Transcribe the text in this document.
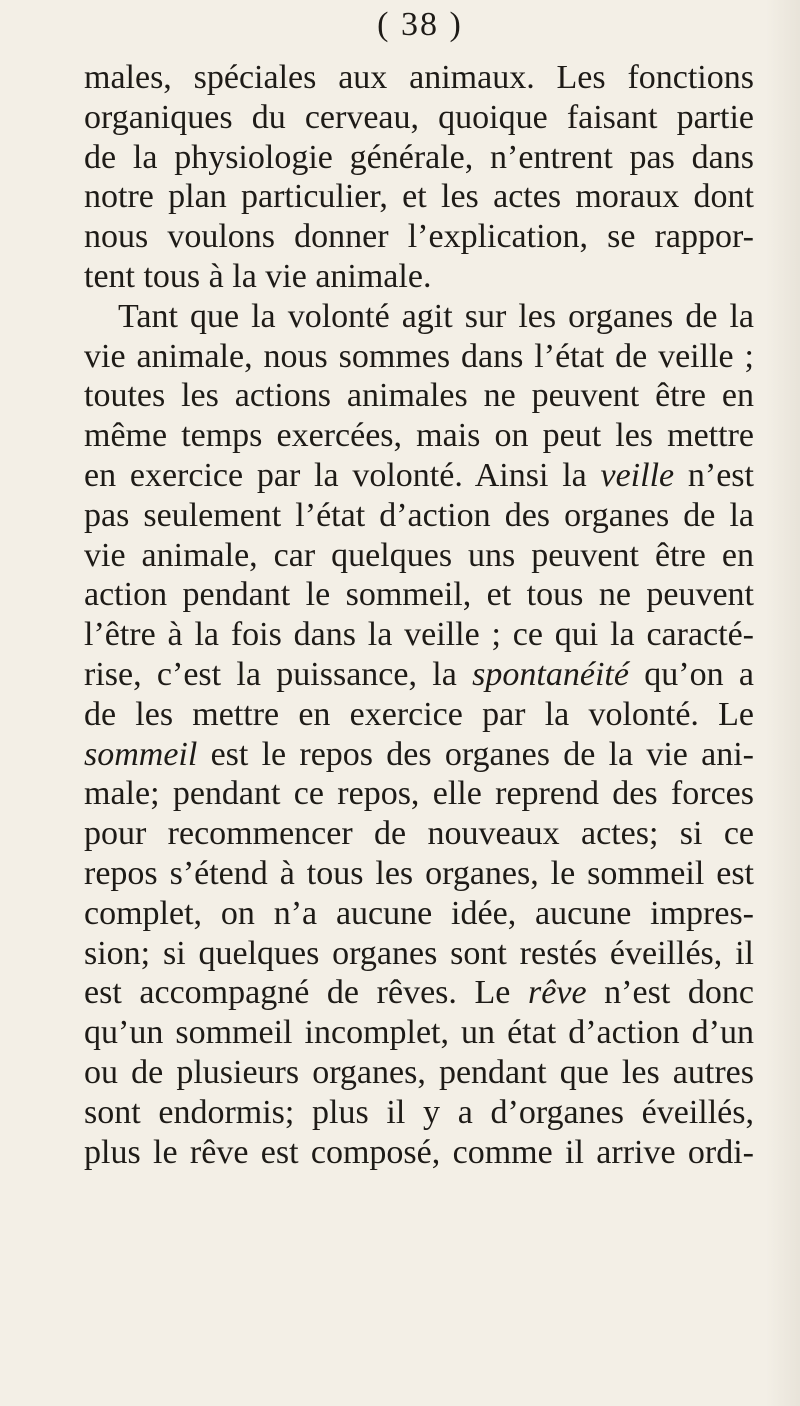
( 38 )
males, spéciales aux animaux. Les fonctions
organiques du cerveau, quoique faisant partie
de la physiologie générale, n’entrent pas dans
notre plan particulier, et les actes moraux dont
nous voulons donner l’explication, se rappor-
tent tous à la vie animale.
Tant que la volonté agit sur les organes de la
vie animale, nous sommes dans l’état de veille ;
toutes les actions animales ne peuvent être en
même temps exercées, mais on peut les mettre
en exercice par la volonté. Ainsi la veille n’est
pas seulement l’état d’action des organes de la
vie animale, car quelques uns peuvent être en
action pendant le sommeil, et tous ne peuvent
l’être à la fois dans la veille ; ce qui la caracté-
rise, c’est la puissance, la spontanéité qu’on a
de les mettre en exercice par la volonté. Le
sommeil est le repos des organes de la vie ani-
male; pendant ce repos, elle reprend des forces
pour recommencer de nouveaux actes; si ce
repos s’étend à tous les organes, le sommeil est
complet, on n’a aucune idée, aucune impres-
sion; si quelques organes sont restés éveillés, il
est accompagné de rêves. Le rêve n’est donc
qu’un sommeil incomplet, un état d’action d’un
ou de plusieurs organes, pendant que les autres
sont endormis; plus il y a d’organes éveillés,
plus le rêve est composé, comme il arrive ordi-
